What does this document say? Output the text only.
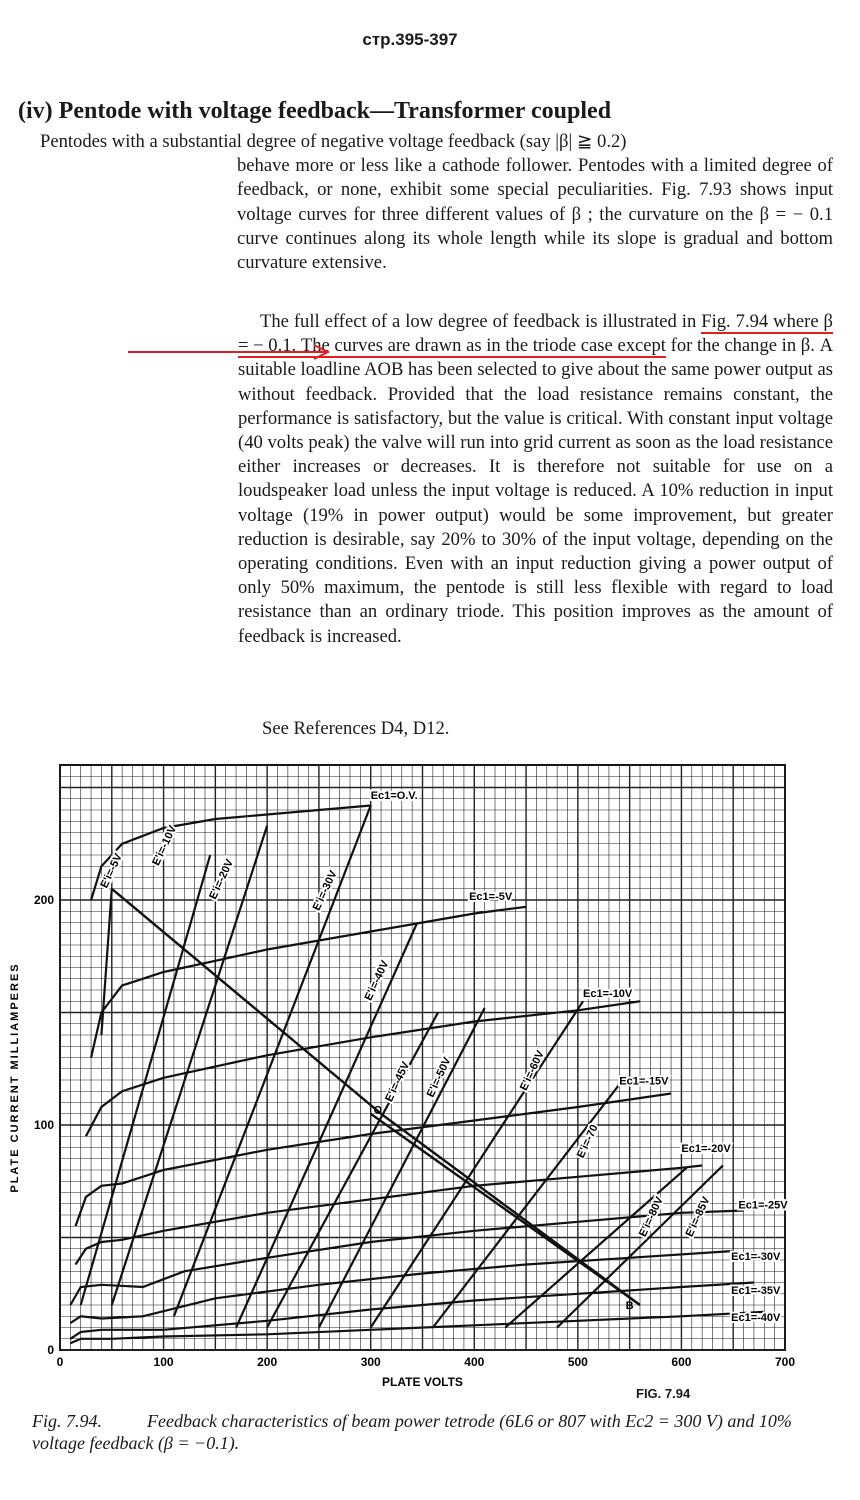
стр.395-397
(iv) Pentode with voltage feedback—Transformer coupled
Pentodes with a substantial degree of negative voltage feedback (say |β| ≧ 0.2)
behave more or less like a cathode follower. Pentodes with a limited degree of feedback, or none, exhibit some special peculiarities. Fig. 7.93 shows input voltage curves for three different values of β ; the curvature on the β = − 0.1 curve continues along its whole length while its slope is gradual and bottom curvature extensive.
The full effect of a low degree of feedback is illustrated in Fig. 7.94 where β = − 0.1. The curves are drawn as in the triode case except for the change in β. A suitable loadline AOB has been selected to give about the same power output as without feedback. Provided that the load resistance remains constant, the performance is satisfactory, but the value is critical. With constant input voltage (40 volts peak) the valve will run into grid current as soon as the load resistance either increases or decreases. It is therefore not suitable for use on a loudspeaker load unless the input voltage is reduced. A 10% reduction in input voltage (19% in power output) would be some improvement, but greater reduction is desirable, say 20% to 30% of the input voltage, depending on the operating conditions. Even with an input reduction giving a power output of only 50% maximum, the pentode is still less flexible with regard to load resistance than an ordinary triode. This position improves as the amount of feedback is increased.
See References D4, D12.
0	100	200	300	400	500	600	700
0
100
200
PLATE VOLTS
PLATE CURRENT MILLIAMPERES	O
B
Ec1=O.V.
Ec1=-5V
Ec1=-10V
Ec1=-15V
Ec1=-20V
Ec1=-25V
Ec1=-30V
Ec1=-35V
Ec1=-40V
E'i=-5V
E'i=-10V
E'i=-20V	E'i=-30V
E'i=-40V
E'i=-45V E'i=-50V	E'i=-60V
E'i=-70
E'i=-80V E'i=-85V
FIG. 7.94
Fig. 7.94.	Feedback characteristics of beam power tetrode (6L6 or 807 with Ec2 = 300 V) and 10% voltage feedback (β = −0.1).
